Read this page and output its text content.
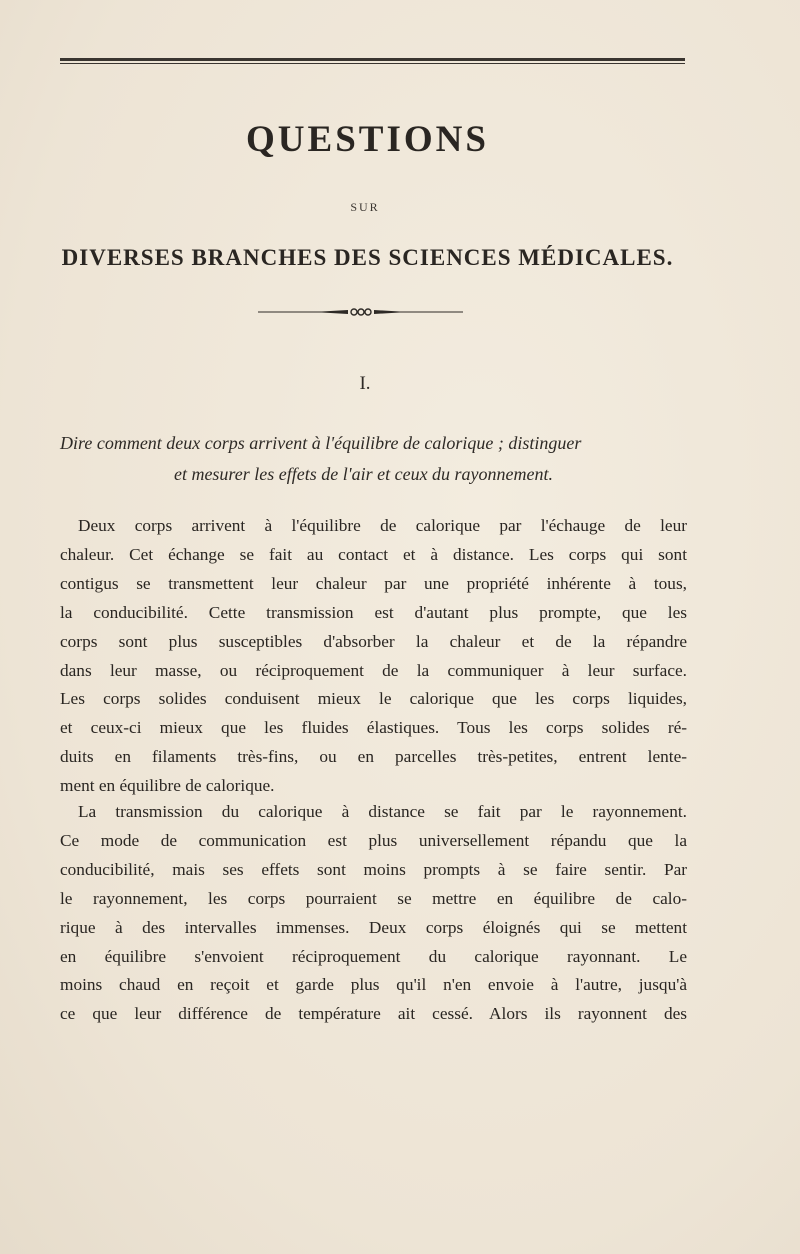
QUESTIONS
SUR
DIVERSES BRANCHES DES SCIENCES MÉDICALES.
I.
Dire comment deux corps arrivent à l'équilibre de calorique ; distinguer
et mesurer les effets de l'air et ceux du rayonnement.
Deux corps arrivent à l'équilibre de calorique par l'échauge de leur
chaleur. Cet échange se fait au contact et à distance. Les corps qui sont
contigus se transmettent leur chaleur par une propriété inhérente à tous,
la conducibilité. Cette transmission est d'autant plus prompte, que les
corps sont plus susceptibles d'absorber la chaleur et de la répandre
dans leur masse, ou réciproquement de la communiquer à leur surface.
Les corps solides conduisent mieux le calorique que les corps liquides,
et ceux-ci mieux que les fluides élastiques. Tous les corps solides ré-
duits en filaments très-fins, ou en parcelles très-petites, entrent lente-
ment en équilibre de calorique.
La transmission du calorique à distance se fait par le rayonnement.
Ce mode de communication est plus universellement répandu que la
conducibilité, mais ses effets sont moins prompts à se faire sentir. Par
le rayonnement, les corps pourraient se mettre en équilibre de calo-
rique à des intervalles immenses. Deux corps éloignés qui se mettent
en équilibre s'envoient réciproquement du calorique rayonnant. Le
moins chaud en reçoit et garde plus qu'il n'en envoie à l'autre, jusqu'à
ce que leur différence de température ait cessé. Alors ils rayonnent des
